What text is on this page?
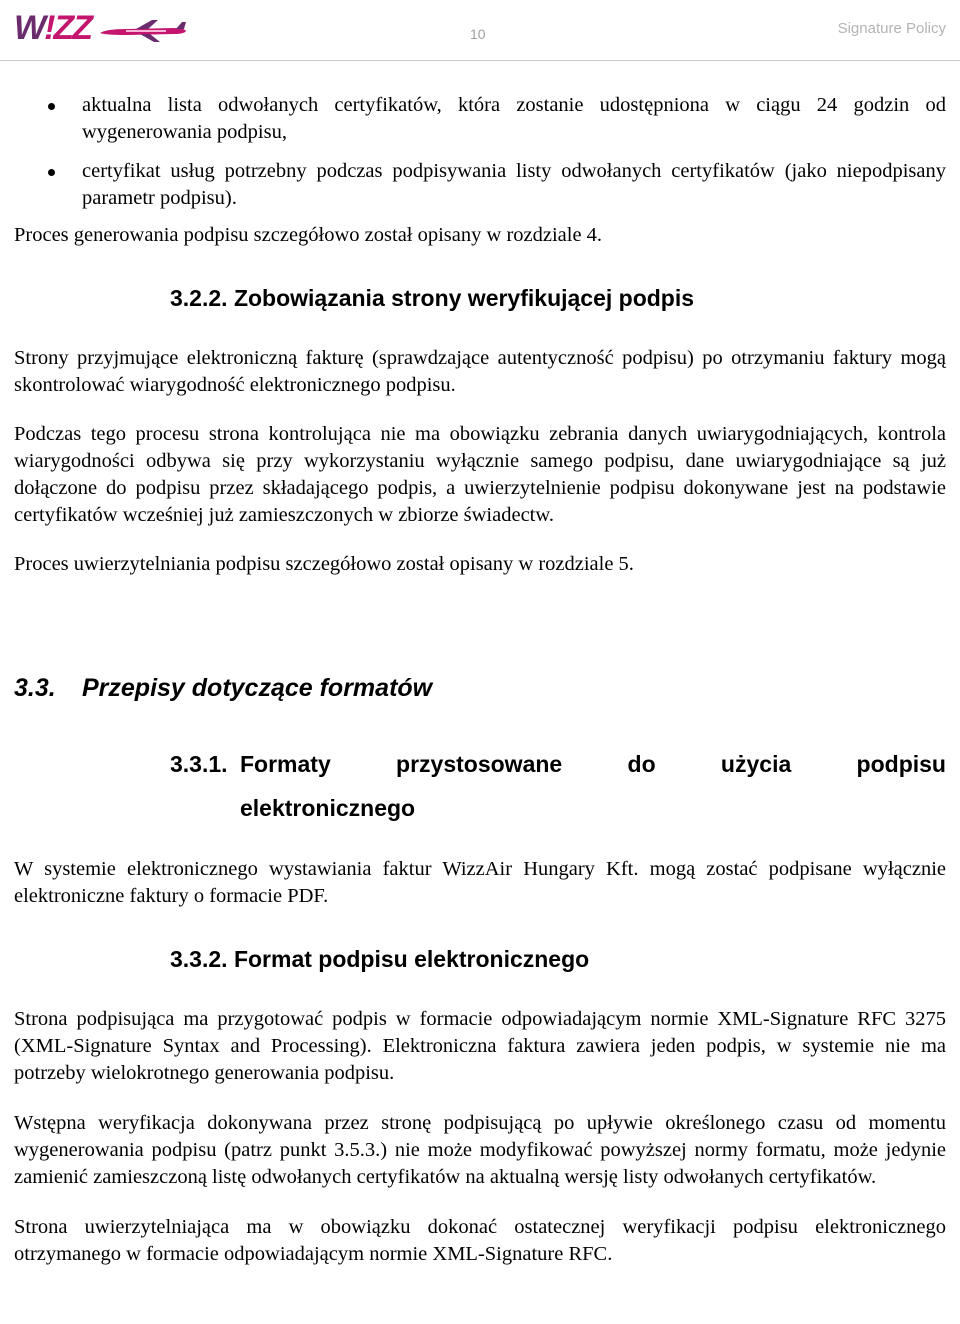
W!ZZ	10	Signature Policy
aktualna lista odwołanych certyfikatów, która zostanie udostępniona w ciągu 24 godzin od wygenerowania podpisu,
certyfikat usług potrzebny podczas podpisywania listy odwołanych certyfikatów (jako niepodpisany parametr podpisu).

Proces generowania podpisu szczegółowo został opisany w rozdziale 4.

3.2.2. Zobowiązania strony weryfikującej podpis

Strony przyjmujące elektroniczną fakturę (sprawdzające autentyczność podpisu) po otrzymaniu faktury mogą skontrolować wiarygodność elektronicznego podpisu.

Podczas tego procesu strona kontrolująca nie ma obowiązku zebrania danych uwiarygodniających, kontrola wiarygodności odbywa się przy wykorzystaniu wyłącznie samego podpisu, dane uwiarygodniające są już dołączone do podpisu przez składającego podpis, a uwierzytelnienie podpisu dokonywane jest na podstawie certyfikatów wcześniej już zamieszczonych w zbiorze świadectw.

Proces uwierzytelniania podpisu szczegółowo został opisany w rozdziale 5.

3.3. Przepisy dotyczące formatów
3.3.1. Formaty przystosowane do użycia podpisu
elektronicznego

W systemie elektronicznego wystawiania faktur WizzAir Hungary Kft. mogą zostać podpisane wyłącznie elektroniczne faktury o formacie PDF.

3.3.2. Format podpisu elektronicznego

Strona podpisująca ma przygotować podpis w formacie odpowiadającym normie XML-Signature RFC 3275 (XML-Signature Syntax and Processing). Elektroniczna faktura zawiera jeden podpis, w systemie nie ma potrzeby wielokrotnego generowania podpisu.

Wstępna weryfikacja dokonywana przez stronę podpisującą po upływie określonego czasu od momentu wygenerowania podpisu (patrz punkt 3.5.3.) nie może modyfikować powyższej normy formatu, może jedynie zamienić zamieszczoną listę odwołanych certyfikatów na aktualną wersję listy odwołanych certyfikatów.

Strona uwierzytelniająca ma w obowiązku dokonać ostatecznej weryfikacji podpisu elektronicznego otrzymanego w formacie odpowiadającym normie XML-Signature RFC.
